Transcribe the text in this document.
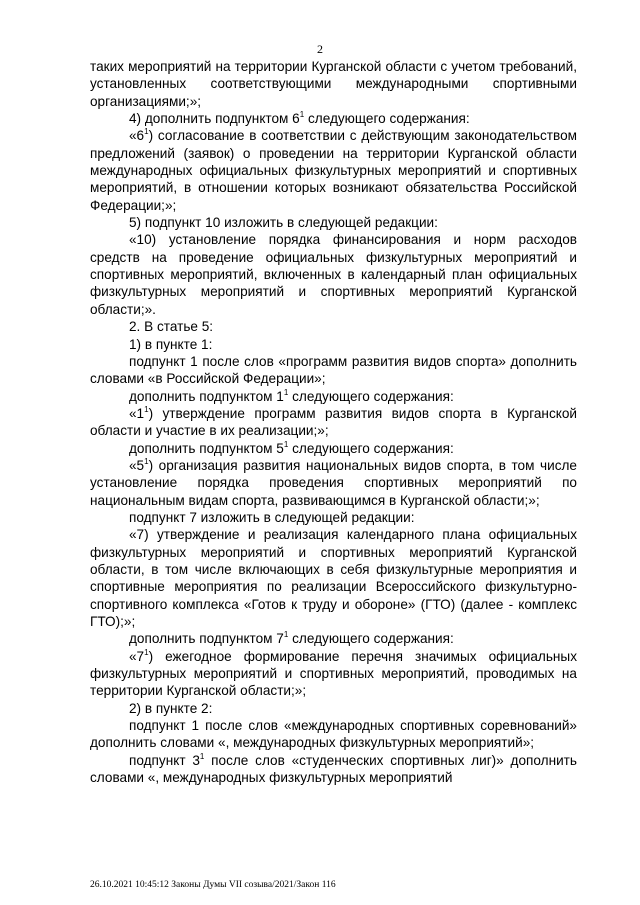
2

таких мероприятий на территории Курганской области с учетом требований, установленных соответствующими международными спортивными организациями;»;

4) дополнить подпунктом $6^1$ следующего содержания:

«$6^1$) согласование в соответствии с действующим законодательством предложений (заявок) о проведении на территории Курганской области международных официальных физкультурных мероприятий и спортивных мероприятий, в отношении которых возникают обязательства Российской Федерации;»;

5) подпункт 10 изложить в следующей редакции:

«10) установление порядка финансирования и норм расходов средств на проведение официальных физкультурных мероприятий и спортивных мероприятий, включенных в календарный план официальных физкультурных мероприятий и спортивных мероприятий Курганской области;».

2. В статье 5:

1) в пункте 1:

подпункт 1 после слов «программ развития видов спорта» дополнить словами «в Российской Федерации»;

дополнить подпунктом $1^1$ следующего содержания:

«$1^1$) утверждение программ развития видов спорта в Курганской области и участие в их реализации;»;

дополнить подпунктом $5^1$ следующего содержания:

«$5^1$) организация развития национальных видов спорта, в том числе установление порядка проведения спортивных мероприятий по национальным видам спорта, развивающимся в Курганской области;»;

подпункт 7 изложить в следующей редакции:

«7) утверждение и реализация календарного плана официальных физкультурных мероприятий и спортивных мероприятий Курганской области, в том числе включающих в себя физкультурные мероприятия и спортивные мероприятия по реализации Всероссийского физкультурно-спортивного комплекса «Готов к труду и обороне» (ГТО) (далее - комплекс ГТО);»;

дополнить подпунктом $7^1$ следующего содержания:

«$7^1$) ежегодное формирование перечня значимых официальных физкультурных мероприятий и спортивных мероприятий, проводимых на территории Курганской области;»;

2) в пункте 2:

подпункт 1 после слов «международных спортивных соревнований» дополнить словами «, международных физкультурных мероприятий»;

подпункт $3^1$ после слов «студенческих спортивных лиг)» дополнить словами «, международных физкультурных мероприятий

26.10.2021 10:45:12 Законы Думы VII созыва/2021/Закон 116
